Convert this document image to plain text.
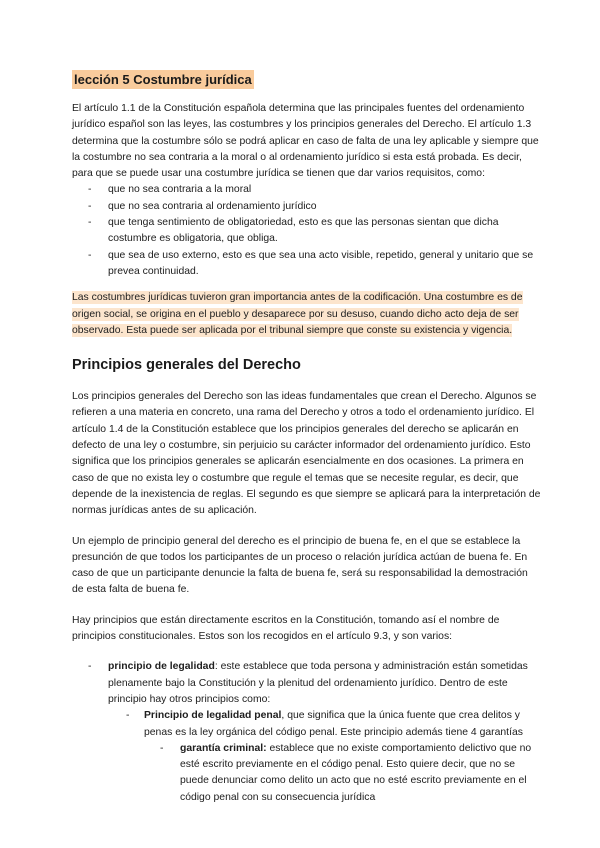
lección 5 Costumbre jurídica

El artículo 1.1 de la Constitución española determina que las principales fuentes del ordenamiento jurídico español son las leyes, las costumbres y los principios generales del Derecho. El artículo 1.3 determina que la costumbre sólo se podrá aplicar en caso de falta de una ley aplicable y siempre que la costumbre no sea contraria a la moral o al ordenamiento jurídico si esta está probada. Es decir, para que se puede usar una costumbre jurídica se tienen que dar varios requisitos, como:

- que no sea contraria a la moral
- que no sea contraria al ordenamiento jurídico
- que tenga sentimiento de obligatoriedad, esto es que las personas sientan que dicha costumbre es obligatoria, que obliga.
- que sea de uso externo, esto es que sea una acto visible, repetido, general y unitario que se prevea continuidad.

Las costumbres jurídicas tuvieron gran importancia antes de la codificación. Una costumbre es de origen social, se origina en el pueblo y desaparece por su desuso, cuando dicho acto deja de ser observado. Esta puede ser aplicada por el tribunal siempre que conste su existencia y vigencia.

Principios generales del Derecho

Los principios generales del Derecho son las ideas fundamentales que crean el Derecho. Algunos se refieren a una materia en concreto, una rama del Derecho y otros a todo el ordenamiento jurídico. El artículo 1.4 de la Constitución establece que los principios generales del derecho se aplicarán en defecto de una ley o costumbre, sin perjuicio su carácter informador del ordenamiento jurídico. Esto significa que los principios generales se aplicarán esencialmente en dos ocasiones. La primera en caso de que no exista ley o costumbre que regule el temas que se necesite regular, es decir, que depende de la inexistencia de reglas. El segundo es que siempre se aplicará para la interpretación de normas jurídicas antes de su aplicación.

Un ejemplo de principio general del derecho es el principio de buena fe, en el que se establece la presunción de que todos los participantes de un proceso o relación jurídica actúan de buena fe. En caso de que un participante denuncie la falta de buena fe, será su responsabilidad la demostración de esta falta de buena fe.

Hay principios que están directamente escritos en la Constitución, tomando así el nombre de principios constitucionales. Estos son los recogidos en el artículo 9.3, y son varios:

- principio de legalidad: este establece que toda persona y administración están sometidas plenamente bajo la Constitución y la plenitud del ordenamiento jurídico. Dentro de este principio hay otros principios como:
- Principio de legalidad penal, que significa que la única fuente que crea delitos y penas es la ley orgánica del código penal. Este principio además tiene 4 garantías
- garantía criminal: establece que no existe comportamiento delictivo que no esté escrito previamente en el código penal. Esto quiere decir, que no se puede denunciar como delito un acto que no esté escrito previamente en el código penal con su consecuencia jurídica
